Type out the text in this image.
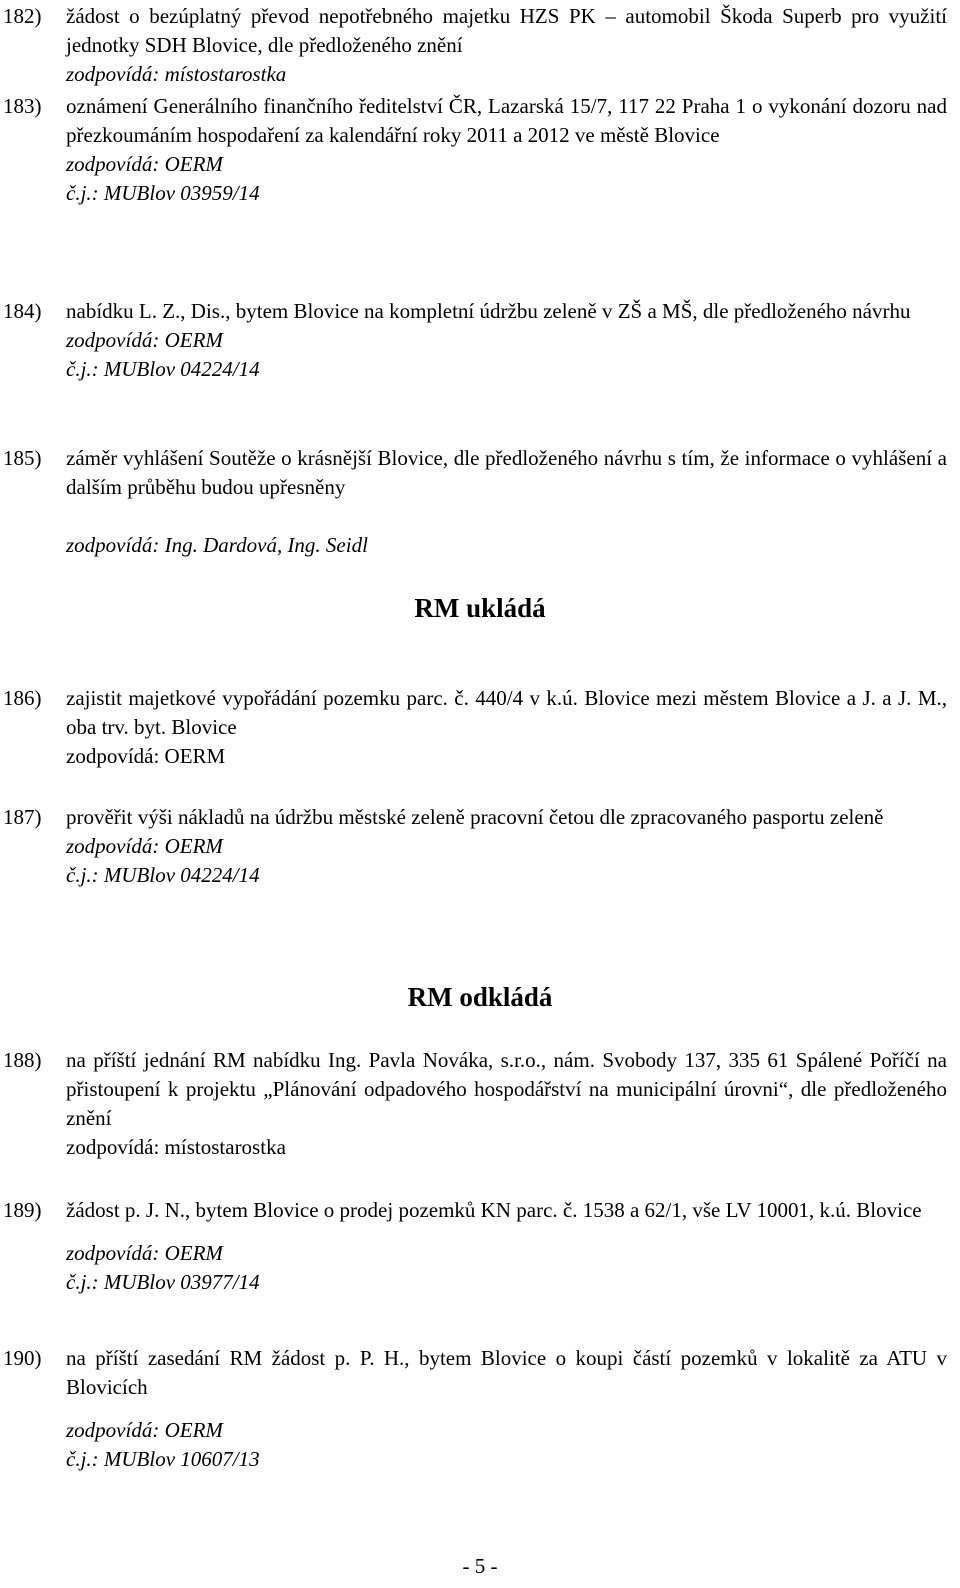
182)	žádost o bezúplatný převod nepotřebného majetku HZS PK – automobil Škoda Superb pro využití jednotky SDH Blovice, dle předloženého znění

zodpovídá: místostarostka

183)	oznámení Generálního finančního ředitelství ČR, Lazarská 15/7, 117 22 Praha 1 o vykonání dozoru nad přezkoumáním hospodaření za kalendářní roky 2011 a 2012 ve městě Blovice

zodpovídá: OERM

č.j.: MUBlov 03959/14

184)	nabídku L. Z., Dis., bytem Blovice na kompletní údržbu zeleně v ZŠ a MŠ, dle předloženého návrhu

zodpovídá: OERM

č.j.: MUBlov 04224/14

185)	záměr vyhlášení Soutěže o krásnější Blovice, dle předloženého návrhu s tím, že informace o vyhlášení a dalším průběhu budou upřesněny

zodpovídá: Ing. Dardová, Ing. Seidl

RM ukládá
186)	zajistit majetkové vypořádání pozemku parc. č. 440/4 v k.ú. Blovice mezi městem Blovice a J. a J. M., oba trv. byt. Blovice

zodpovídá: OERM

187)	prověřit výši nákladů na údržbu městské zeleně pracovní četou dle zpracovaného pasportu zeleně

zodpovídá: OERM

č.j.: MUBlov 04224/14

RM odkládá
188)	na příští jednání RM nabídku Ing. Pavla Nováka, s.r.o., nám. Svobody 137, 335 61 Spálené Poříčí na přistoupení k projektu „Plánování odpadového hospodářství na municipální úrovni“, dle předloženého znění

zodpovídá: místostarostka

189)	žádost p. J. N., bytem Blovice o prodej pozemků KN parc. č. 1538 a 62/1, vše LV 10001, k.ú. Blovice

zodpovídá: OERM

č.j.: MUBlov 03977/14

190)	na příští zasedání RM žádost p. P. H., bytem Blovice o koupi částí pozemků v lokalitě za ATU v Blovicích

zodpovídá: OERM

č.j.: MUBlov 10607/13

- 5 -
